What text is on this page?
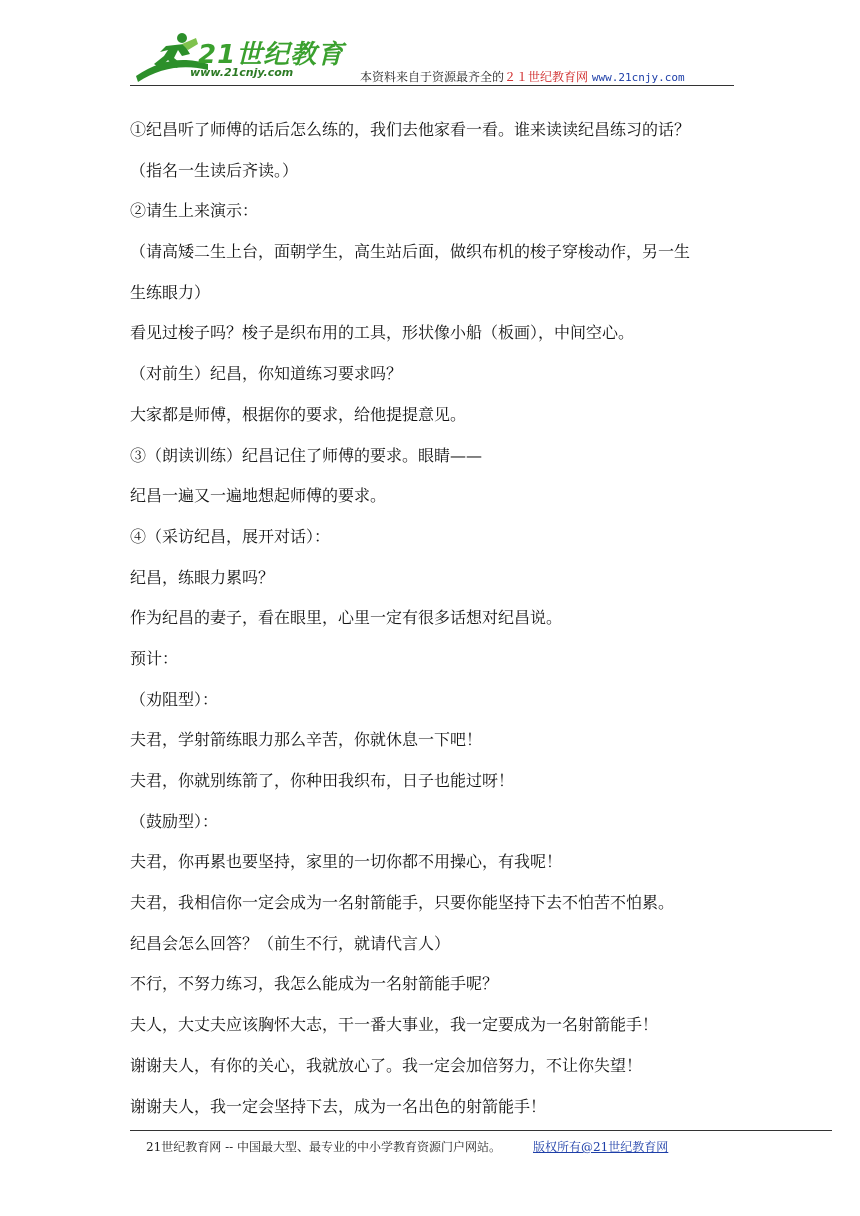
21世纪教育
www.21cnjy.com	本资料来自于资源最齐全的２１世纪教育网 www.21cnjy.com
①纪昌听了师傅的话后怎么练的，我们去他家看一看。谁来读读纪昌练习的话？
（指名一生读后齐读。）
②请生上来演示：
（请高矮二生上台，面朝学生，高生站后面，做织布机的梭子穿梭动作，另一生
生练眼力）
看见过梭子吗？梭子是织布用的工具，形状像小船（板画），中间空心。
（对前生）纪昌，你知道练习要求吗？
大家都是师傅，根据你的要求，给他提提意见。
③（朗读训练）纪昌记住了师傅的要求。眼睛——
纪昌一遍又一遍地想起师傅的要求。
④（采访纪昌，展开对话）：
纪昌，练眼力累吗？
作为纪昌的妻子，看在眼里，心里一定有很多话想对纪昌说。
预计：
（劝阻型）：
夫君，学射箭练眼力那么辛苦，你就休息一下吧！
夫君，你就别练箭了，你种田我织布，日子也能过呀！
（鼓励型）：
夫君，你再累也要坚持，家里的一切你都不用操心，有我呢！
夫君，我相信你一定会成为一名射箭能手，只要你能坚持下去不怕苦不怕累。
纪昌会怎么回答？（前生不行，就请代言人）
不行，不努力练习，我怎么能成为一名射箭能手呢？
夫人，大丈夫应该胸怀大志，干一番大事业，我一定要成为一名射箭能手！
谢谢夫人，有你的关心，我就放心了。我一定会加倍努力，不让你失望！
谢谢夫人，我一定会坚持下去，成为一名出色的射箭能手！
21世纪教育网 -- 中国最大型、最专业的中小学教育资源门户网站。	版权所有@21世纪教育网
